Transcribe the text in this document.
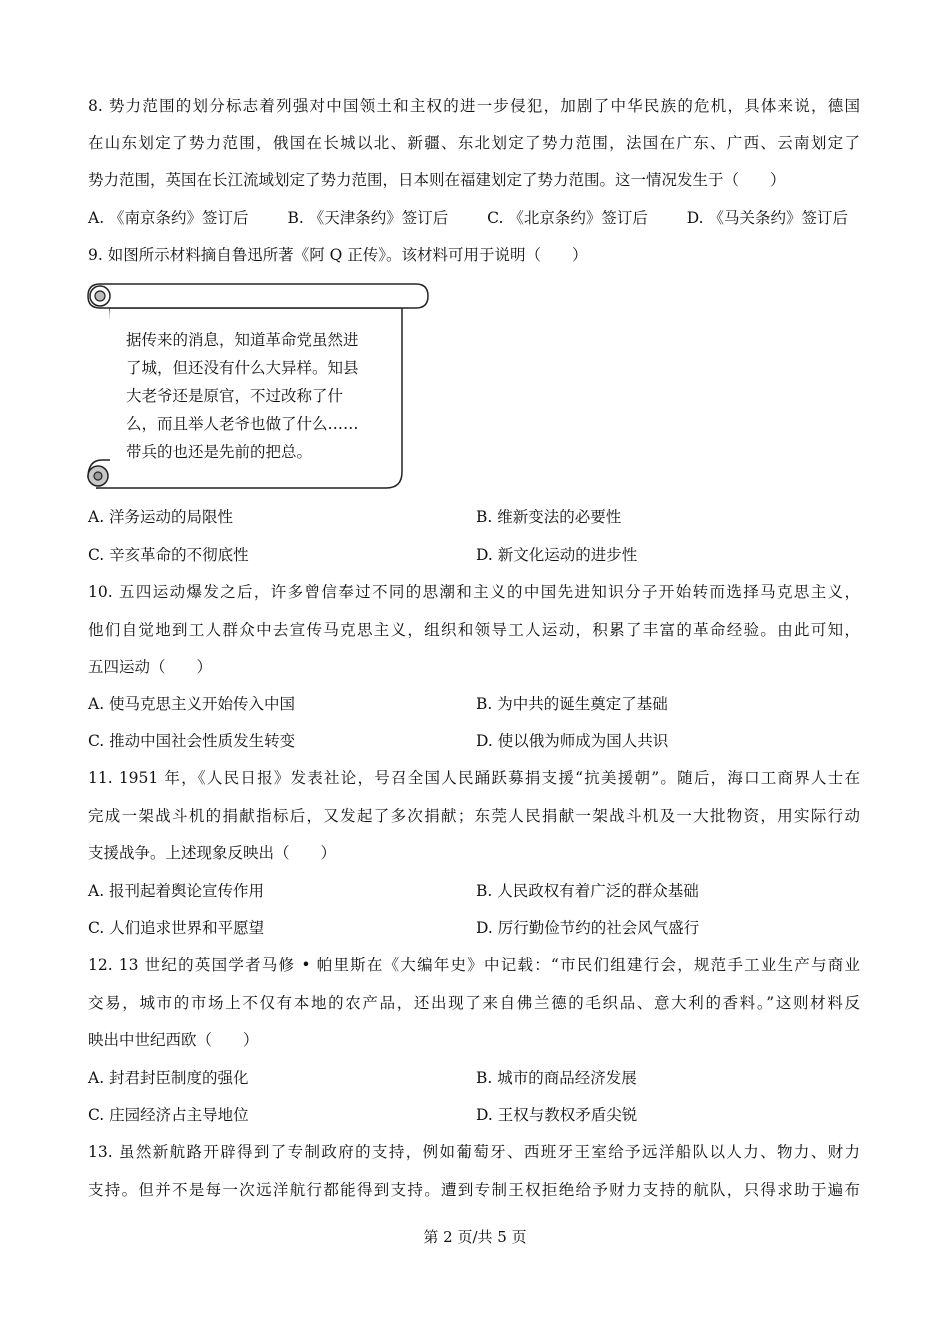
8. 势力范围的划分标志着列强对中国领土和主权的进一步侵犯，加剧了中华民族的危机，具体来说，德国
在山东划定了势力范围，俄国在长城以北、新疆、东北划定了势力范围，法国在广东、广西、云南划定了
势力范围，英国在长江流域划定了势力范围，日本则在福建划定了势力范围。这一情况发生于（　　）
A. 《南京条约》签订后	B. 《天津条约》签订后	C. 《北京条约》签订后	D. 《马关条约》签订后
9. 如图所示材料摘自鲁迅所著《阿 Q 正传》。该材料可用于说明（　　）
据传来的消息，知道革命党虽然进
了城，但还没有什么大异样。知县
大老爷还是原官，不过改称了什
么，而且举人老爷也做了什么……
带兵的也还是先前的把总。
A. 洋务运动的局限性	B. 维新变法的必要性
C. 辛亥革命的不彻底性	D. 新文化运动的进步性
10. 五四运动爆发之后，许多曾信奉过不同的思潮和主义的中国先进知识分子开始转而选择马克思主义，
他们自觉地到工人群众中去宣传马克思主义，组织和领导工人运动，积累了丰富的革命经验。由此可知，
五四运动（　　）
A. 使马克思主义开始传入中国	B. 为中共的诞生奠定了基础
C. 推动中国社会性质发生转变	D. 使以俄为师成为国人共识
11. 1951 年，《人民日报》发表社论，号召全国人民踊跃募捐支援“抗美援朝”。随后，海口工商界人士在
完成一架战斗机的捐献指标后，又发起了多次捐献；东莞人民捐献一架战斗机及一大批物资，用实际行动
支援战争。上述现象反映出（　　）
A. 报刊起着舆论宣传作用	B. 人民政权有着广泛的群众基础
C. 人们追求世界和平愿望	D. 厉行勤俭节约的社会风气盛行
12. 13 世纪的英国学者马修 • 帕里斯在《大编年史》中记载：“市民们组建行会，规范手工业生产与商业
交易，城市的市场上不仅有本地的农产品，还出现了来自佛兰德的毛织品、意大利的香料。”这则材料反
映出中世纪西欧（　　）
A. 封君封臣制度的强化	B. 城市的商品经济发展
C. 庄园经济占主导地位	D. 王权与教权矛盾尖锐
13. 虽然新航路开辟得到了专制政府的支持，例如葡萄牙、西班牙王室给予远洋船队以人力、物力、财力
支持。但并不是每一次远洋航行都能得到支持。遭到专制王权拒绝给予财力支持的航队，只得求助于遍布
第 2 页/共 5 页
